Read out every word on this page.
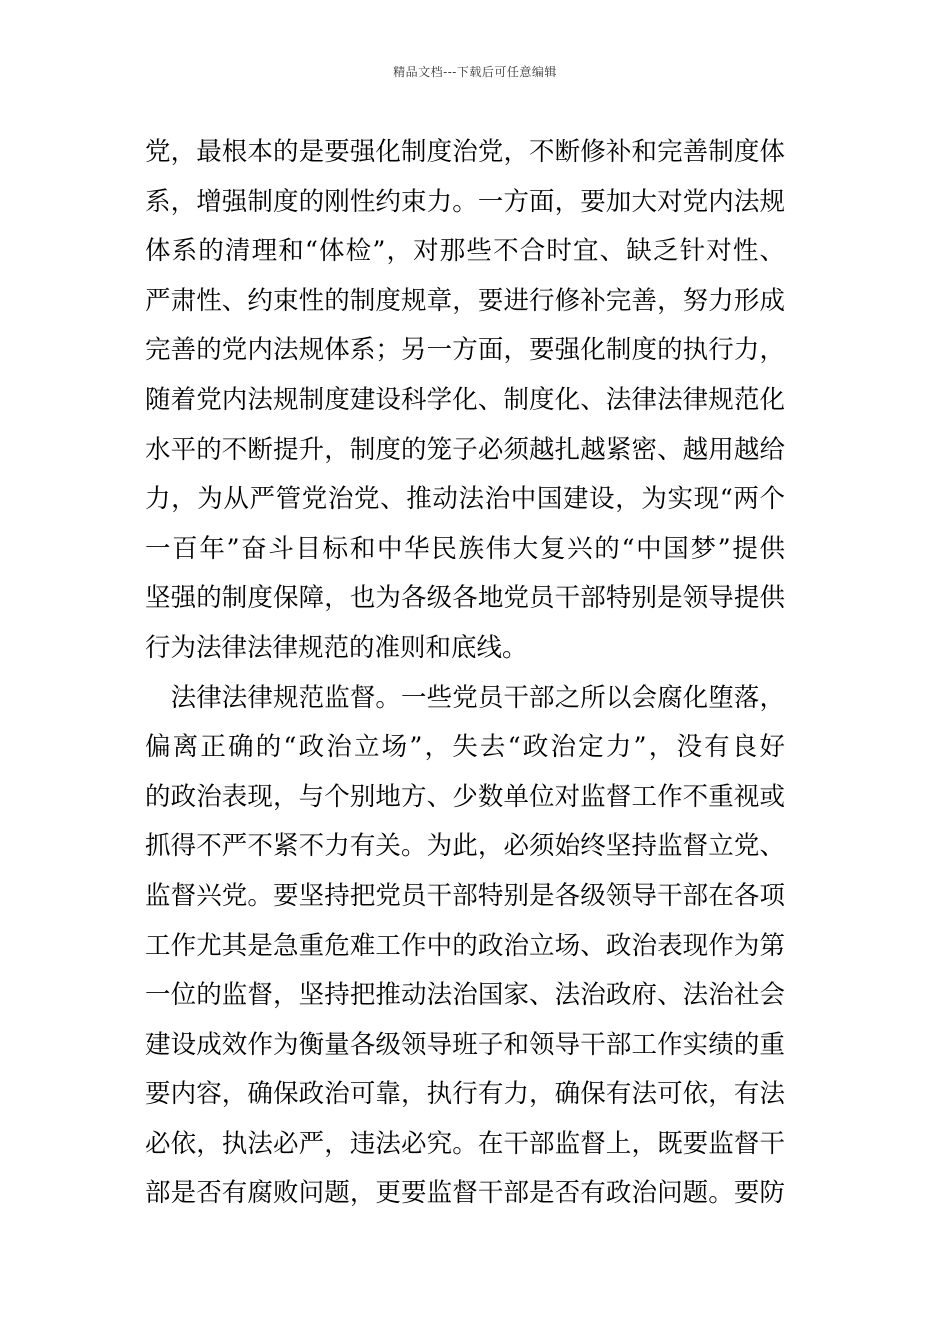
精品文档---下载后可任意编辑
党，最根本的是要强化制度治党，不断修补和完善制度体
系，增强制度的刚性约束力。一方面，要加大对党内法规
体系的清理和“体检”，对那些不合时宜、缺乏针对性、
严肃性、约束性的制度规章，要进行修补完善，努力形成
完善的党内法规体系；另一方面，要强化制度的执行力，
随着党内法规制度建设科学化、制度化、法律法律规范化
水平的不断提升，制度的笼子必须越扎越紧密、越用越给
力，为从严管党治党、推动法治中国建设，为实现“两个
一百年”奋斗目标和中华民族伟大复兴的“中国梦”提供
坚强的制度保障，也为各级各地党员干部特别是领导提供
行为法律法律规范的准则和底线。
　法律法律规范监督。一些党员干部之所以会腐化堕落，
偏离正确的“政治立场”，失去“政治定力”，没有良好
的政治表现，与个别地方、少数单位对监督工作不重视或
抓得不严不紧不力有关。为此，必须始终坚持监督立党、
监督兴党。要坚持把党员干部特别是各级领导干部在各项
工作尤其是急重危难工作中的政治立场、政治表现作为第
一位的监督，坚持把推动法治国家、法治政府、法治社会
建设成效作为衡量各级领导班子和领导干部工作实绩的重
要内容，确保政治可靠，执行有力，确保有法可依，有法
必依，执法必严，违法必究。在干部监督上，既要监督干
部是否有腐败问题，更要监督干部是否有政治问题。要防
